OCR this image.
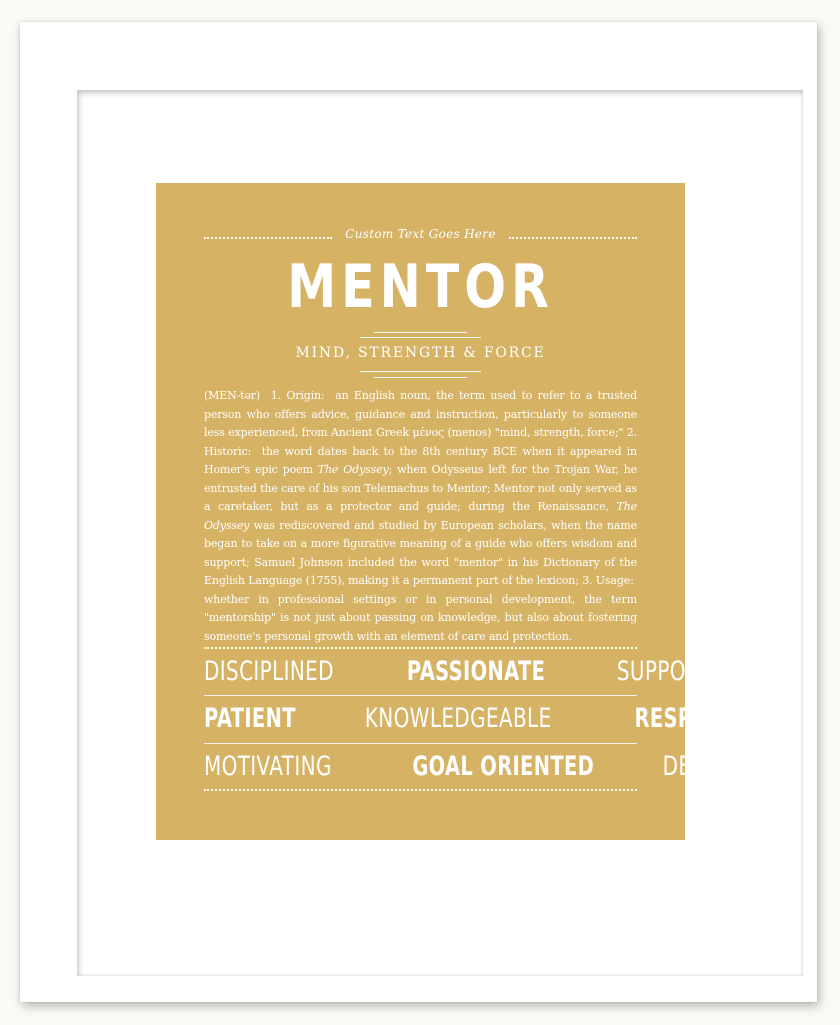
Custom Text Goes Here
MENTOR
MIND, STRENGTH & FORCE
(MEN-tər) 1. Origin: an English noun, the term used to refer to a trusted person who offers advice, guidance and instruction, particularly to someone less experienced, from Ancient Greek μένος (menos) "mind, strength, force;" 2. Historic: the word dates back to the 8th century BCE when it appeared in Homer's epic poem The Odyssey; when Odysseus left for the Trojan War, he entrusted the care of his son Telemachus to Mentor; Mentor not only served as a caretaker, but as a protector and guide; during the Renaissance, The Odyssey was rediscovered and studied by European scholars, when the name began to take on a more figurative meaning of a guide who offers wisdom and support; Samuel Johnson included the word "mentor" in his Dictionary of the English Language (1755), making it a permanent part of the lexicon; 3. Usage:  whether in professional settings or in personal development, the term "mentorship" is not just about passing on knowledge, but also about fostering someone's personal growth with an element of care and protection.
DISCIPLINED	PASSIONATE	SUPPORTIVE
PATIENT	KNOWLEDGEABLE	RESPECTED
MOTIVATING	GOAL ORIENTED	DECISIVE
